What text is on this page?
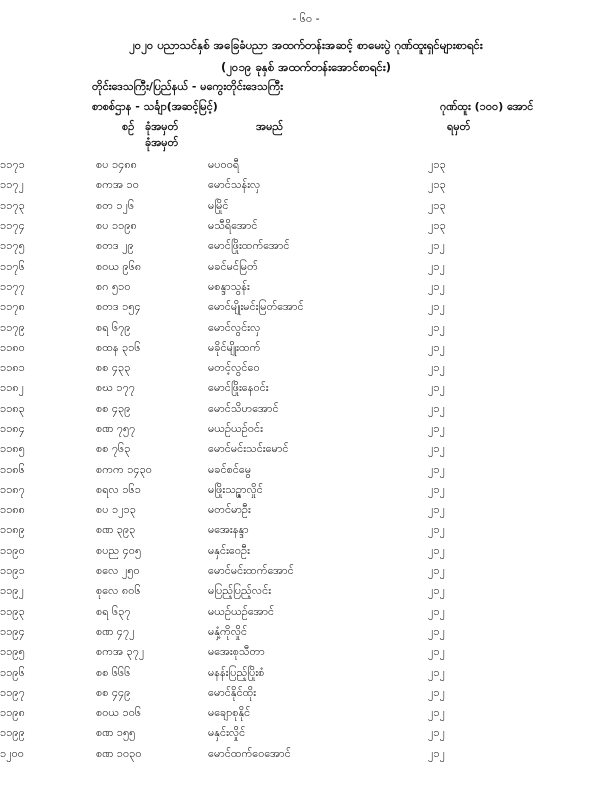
- ၆၀ -
၂၀၂၀ ပညာသင်နှစ် အခြေခံပညာ အထက်တန်းအဆင့် စာမေးပွဲ ဂုဏ်ထူးရှင်များစာရင်း
(၂၀၁၉ ခုနှစ် အထက်တန်းအောင်စာရင်း)
တိုင်းဒေသကြီး/ပြည်နယ် - မကွေးတိုင်းဒေသကြီး
စာစစ်ဌာန - သင်္ချာ(အဆင့်မြင့်)	ဂုဏ်ထူး (၁၀၀) အောင်
စဉ် ခုံအမှတ်
ခုံအမှတ်
အမည်	ရမှတ်
၁၁၇၁	စပ ၁၄၈၈	မပဝဝရီ	၂၁၃
၁၁၇၂	စကအ ၁၀	မောင်သန်းလှ	၂၁၃
၁၁၇၃	စတ ၁၂၆	မမြိုင်	၂၁၃
၁၁၇၄	စပ ၁၁၉၈	မသီရိအောင်	၂၁၃
၁၁၇၅	စတဒ ၂၉	မောင်ဖြိုးထက်အောင်	၂၁၂
၁၁၇၆	စဝယ ၉၆၈	မခင်မင်မြတ်	၂၁၂
၁၁၇၇	စဂ ၅၁၀	မစန္ဒာသွန်း	၂၁၂
၁၁၇၈	စတဒ ၁၅၄	မောင်မျိုးမင်းမြတ်အောင်	၂၁၂
၁၁၇၉	စရ ၆၇၉	မောင်လွင်းလှ	၂၁၂
၁၁၈၀	စထန ၃၁၆	မခိုင်မျိုးထက်	၂၁၂
၁၁၈၁	စစ ၄၃၃	မတင့်လွင်ဝေ	၂၁၂
၁၁၈၂	စဃ ၁၇၇	မောင်ဖြိုးနေဝင်း	၂၁၂
၁၁၈၃	စစ ၄၃၉	မောင်သိဟအောင်	၂၁၂
၁၁၈၄	စဏ ၇၅၇	မယဉ်ယဉ်ဝင်း	၂၁၂
၁၁၈၅	စစ ၇၆၃	မောင်မင်းသင်းမောင်	၂၁၂
၁၁၈၆	စကက ၁၄၃၀	မခင်စင်မွေ	၂၁၂
၁၁၈၇	စရလ ၁၆၁	မဖြိုးသဉ္ဇာလှိုင်	၂၁၂
၁၁၈၈	စပ ၁၂၁၃	မတင်မာဦး	၂၁၂
၁၁၈၉	စဏ ၃၉၃	မအေးနန္ဒာ	၂၁၂
၁၁၉၀	စပည ၄၀၅	မနှင်းဝေဦး	၂၁၂
၁၁၉၁	စလေ ၂၅၀	မောင်မင်းထက်အောင်	၂၁၂
၁၁၉၂	စုလေ ၈၀၆	မပြည့်ပြည့်လင်း	၂၁၂
၁၁၉၃	စရ ၆၃၇	မယဉ်ယဉ်အောင်	၂၁၂
၁၁၉၄	စဏ ၄၇၂	မနှံ့ကိုလှိုင်	၂၁၂
၁၁၉၅	စကအ ၃၇၂	မအေးစုသီတာ	၂၁၂
၁၁၉၆	စစ ၆၆၆	မနန်းပြည့်ပြိုးစံ	၂၁၂
၁၁၉၇	စစ ၄၄၉	မောင်နိုင်ထိုး	၂၁၂
၁၁၉၈	စဝယ ၁၀၆	မချောစုနိုင်	၂၁၂
၁၁၉၉	စဏ ၁၅၅	မနှင်းလှိုင်	၂၁၂
၁၂၀၀	စဏ ၁၀၃၀	မောင်ထက်ဝေအောင်	၂၁၂
